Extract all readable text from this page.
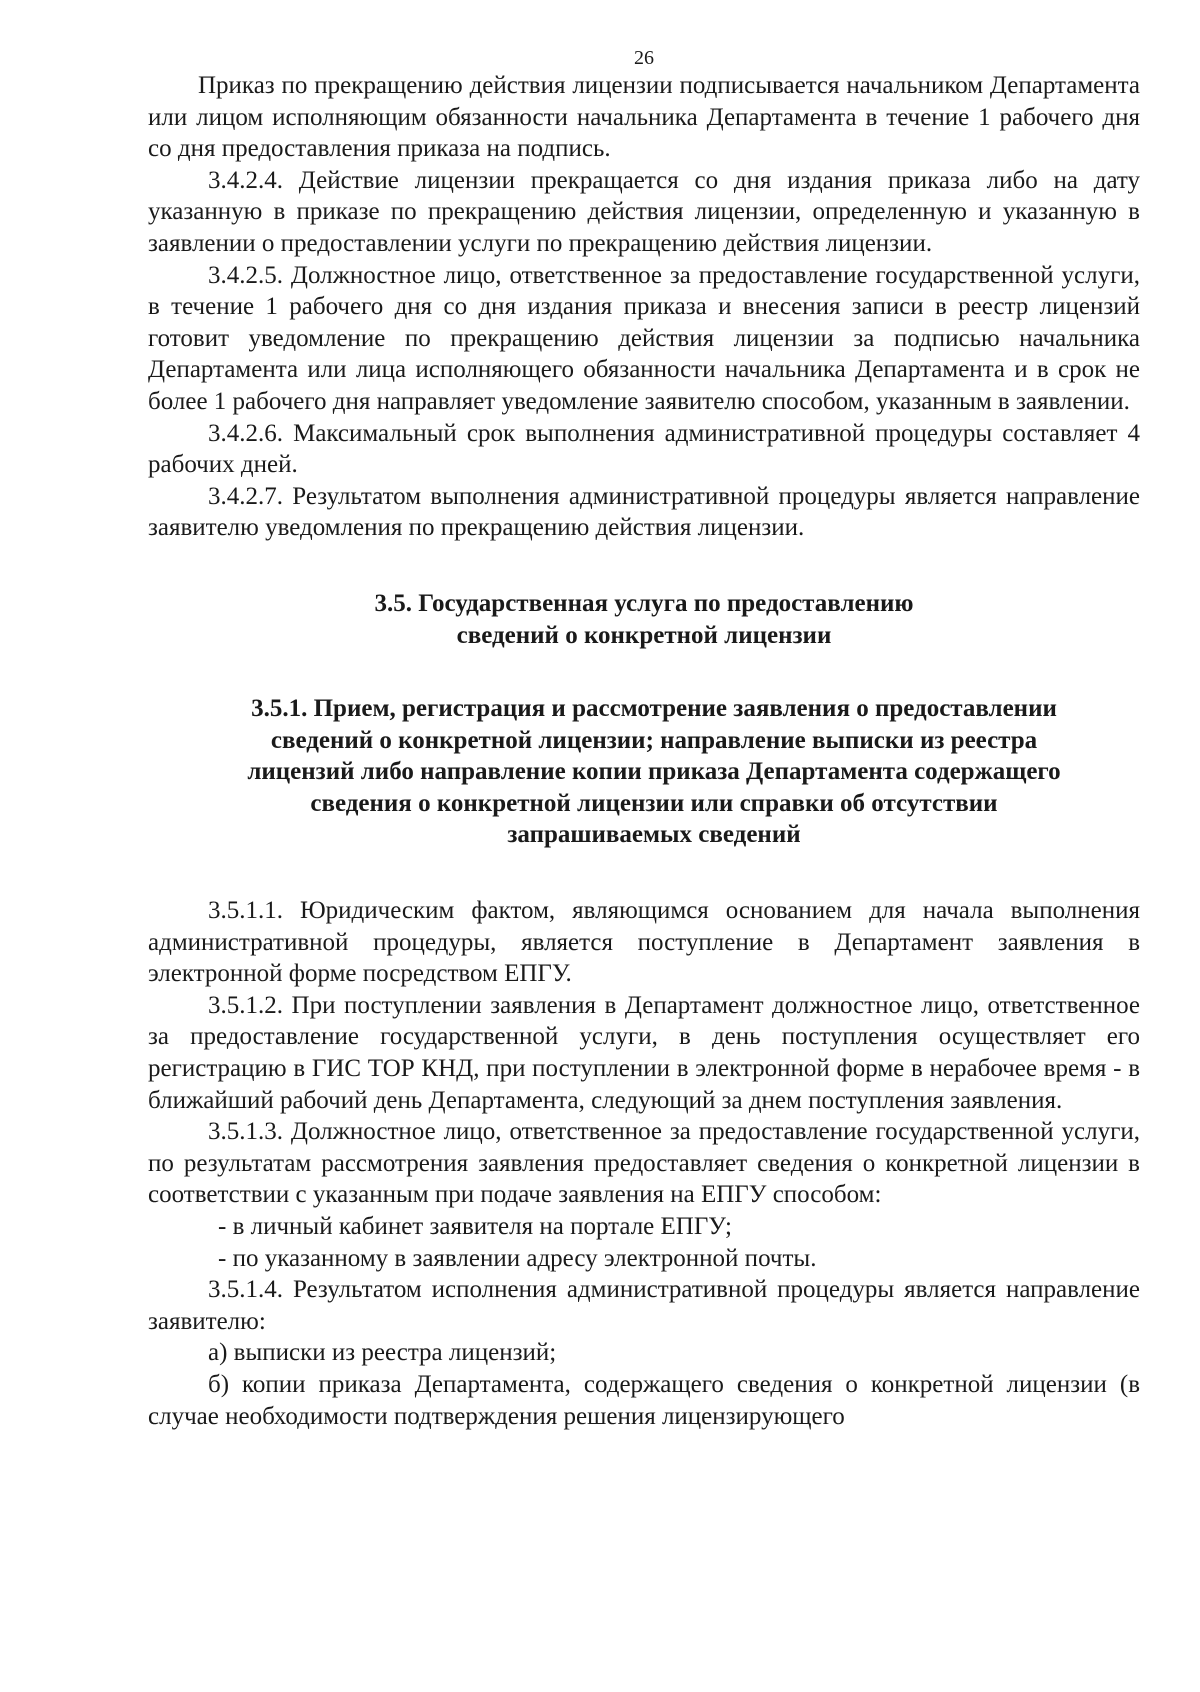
26

Приказ по прекращению действия лицензии подписывается начальником Департамента или лицом исполняющим обязанности начальника Департамента в течение 1 рабочего дня со дня предоставления приказа на подпись.

3.4.2.4. Действие лицензии прекращается со дня издания приказа либо на дату указанную в приказе по прекращению действия лицензии, определенную и указанную в заявлении о предоставлении услуги по прекращению действия лицензии.

3.4.2.5. Должностное лицо, ответственное за предоставление государственной услуги, в течение 1 рабочего дня со дня издания приказа и внесения записи в реестр лицензий готовит уведомление по прекращению действия лицензии за подписью начальника Департамента или лица исполняющего обязанности начальника Департамента и в срок не более 1 рабочего дня направляет уведомление заявителю способом, указанным в заявлении.

3.4.2.6. Максимальный срок выполнения административной процедуры составляет 4 рабочих дней.

3.4.2.7. Результатом выполнения административной процедуры является направление заявителю уведомления по прекращению действия лицензии.

3.5. Государственная услуга по предоставлению
сведений о конкретной лицензии
3.5.1. Прием, регистрация и рассмотрение заявления о предоставлении
сведений о конкретной лицензии; направление выписки из реестра
лицензий либо направление копии приказа Департамента содержащего
сведения о конкретной лицензии или справки об отсутствии
запрашиваемых сведений

3.5.1.1. Юридическим фактом, являющимся основанием для начала выполнения административной процедуры, является поступление в Департамент заявления в электронной форме посредством ЕПГУ.

3.5.1.2. При поступлении заявления в Департамент должностное лицо, ответственное за предоставление государственной услуги, в день поступления осуществляет его регистрацию в ГИС ТОР КНД, при поступлении в электронной форме в нерабочее время - в ближайший рабочий день Департамента, следующий за днем поступления заявления.

3.5.1.3. Должностное лицо, ответственное за предоставление государственной услуги, по результатам рассмотрения заявления предоставляет сведения о конкретной лицензии в соответствии с указанным при подаче заявления на ЕПГУ способом:

- в личный кабинет заявителя на портале ЕПГУ;

- по указанному в заявлении адресу электронной почты.

3.5.1.4. Результатом исполнения административной процедуры является направление заявителю:

а) выписки из реестра лицензий;

б) копии приказа Департамента, содержащего сведения о конкретной лицензии (в случае необходимости подтверждения решения лицензирующего
